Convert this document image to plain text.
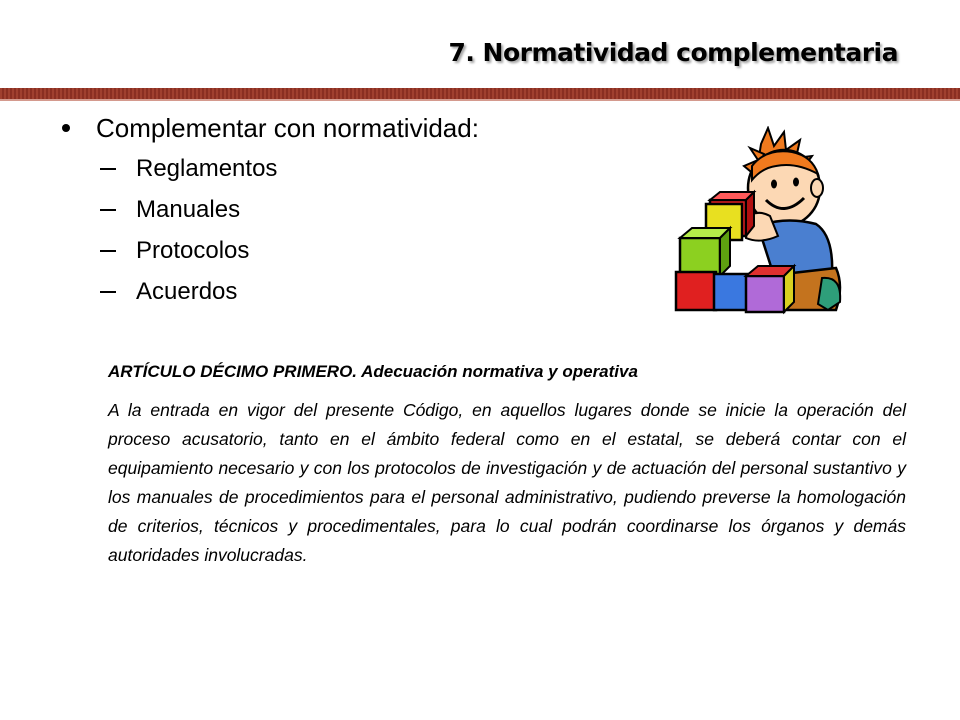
7. Normatividad complementaria
Complementar con normatividad:
Reglamentos
Manuales
Protocolos
Acuerdos

ARTÍCULO DÉCIMO PRIMERO. Adecuación normativa y operativa

A la entrada en vigor del presente Código, en aquellos lugares donde se inicie la operación del proceso acusatorio, tanto en el ámbito federal como en el estatal, se deberá contar con el equipamiento necesario y con los protocolos de investigación y de actuación del personal sustantivo y los manuales de procedimientos para el personal administrativo, pudiendo preverse la homologación de criterios, técnicos y procedimentales, para lo cual podrán coordinarse los órganos y demás autoridades involucradas.
